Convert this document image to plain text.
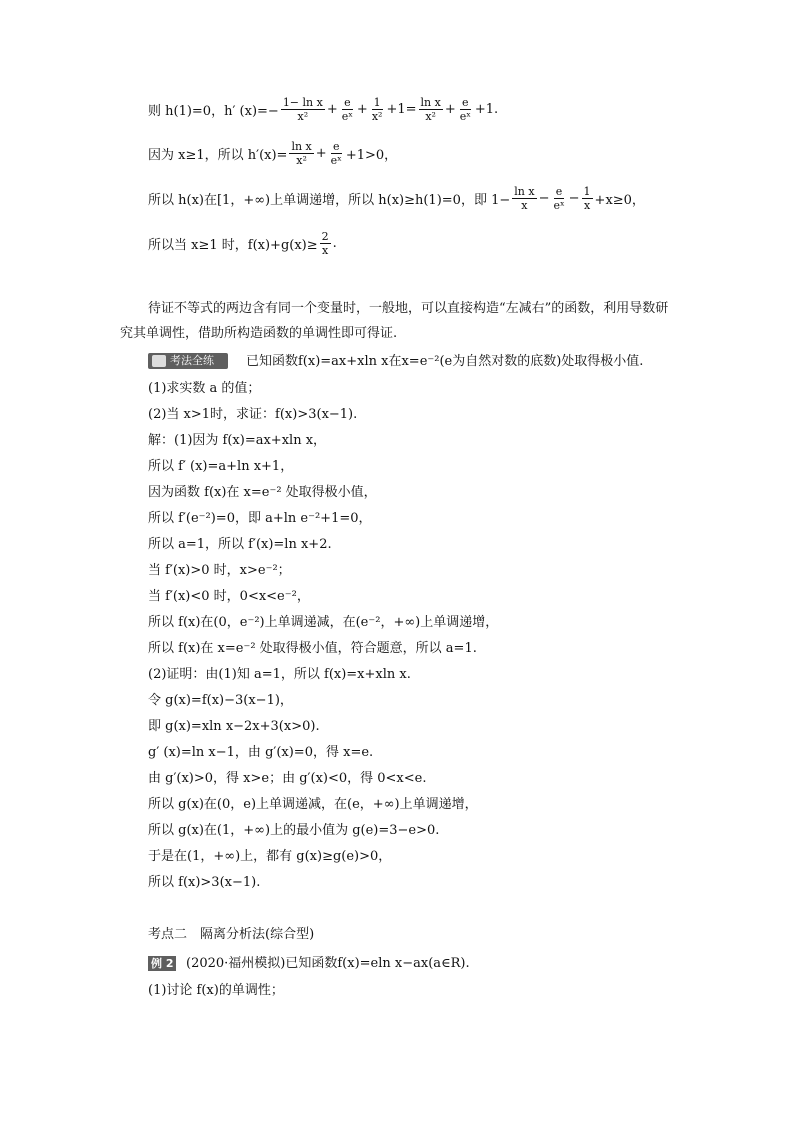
则 h(1)=0，h′ $(x)=- \frac{\text{1− ln x}}{\text{x²}} + \frac{e}{\text{eˣ}} + \frac{1}{\text{x²}} +1= \frac{\text{ln x}}{\text{x²}} + \frac{e}{\text{eˣ}} +1$.
因为 x≥1，所以 $h'(x)= \frac{\text{ln x}}{\text{x²}} + \frac{e}{\text{eˣ}} +1>0$，
所以 h(x)在[1，+∞)上单调递增，所以 h(x)≥h(1)=0，即 $1- \frac{\text{ln x}}{x} - \frac{e}{\text{eˣ}} - \frac{1}{x} +x\ge 0$，
所以当 x≥1 时，$f(x)+g(x)\ge \frac{2}{x}$ .

待证不等式的两边含有同一个变量时，一般地，可以直接构造“左减右”的函数，利用导数研究其单调性，借助所构造函数的单调性即可得证.

考法全练 已知函数f(x)=ax+xln x在x=e⁻²(e为自然对数的底数)处取得极小值.
(1)求实数 a 的值；
(2)当 x>1时，求证：f(x)>3(x−1).
解：(1)因为 f(x)=ax+xln x，
所以 f′ (x)=a+ln x+1，
因为函数 f(x)在 x=e⁻² 处取得极小值，
所以 f′(e⁻²)=0，即 a+ln e⁻²+1=0，
所以 a=1，所以 f′(x)=ln x+2.
当 f′(x)>0 时，x>e⁻²；
当 f′(x)<0 时，0<x<e⁻²，
所以 f(x)在(0，e⁻²)上单调递减，在(e⁻²，+∞)上单调递增，
所以 f(x)在 x=e⁻² 处取得极小值，符合题意，所以 a=1.
(2)证明：由(1)知 a=1，所以 f(x)=x+xln x.
令 g(x)=f(x)−3(x−1)，
即 g(x)=xln x−2x+3(x>0).
g′ (x)=ln x−1，由 g′(x)=0，得 x=e.
由 g′(x)>0，得 x>e；由 g′(x)<0，得 0<x<e.
所以 g(x)在(0，e)上单调递减，在(e，+∞)上单调递增，
所以 g(x)在(1，+∞)上的最小值为 g(e)=3−e>0.
于是在(1，+∞)上，都有 g(x)≥g(e)>0，
所以 f(x)>3(x−1).
考点二　隔离分析法(综合型)
例 2 (2020·福州模拟)已知函数f(x)=eln x−ax(a∈R).
(1)讨论 f(x)的单调性；
